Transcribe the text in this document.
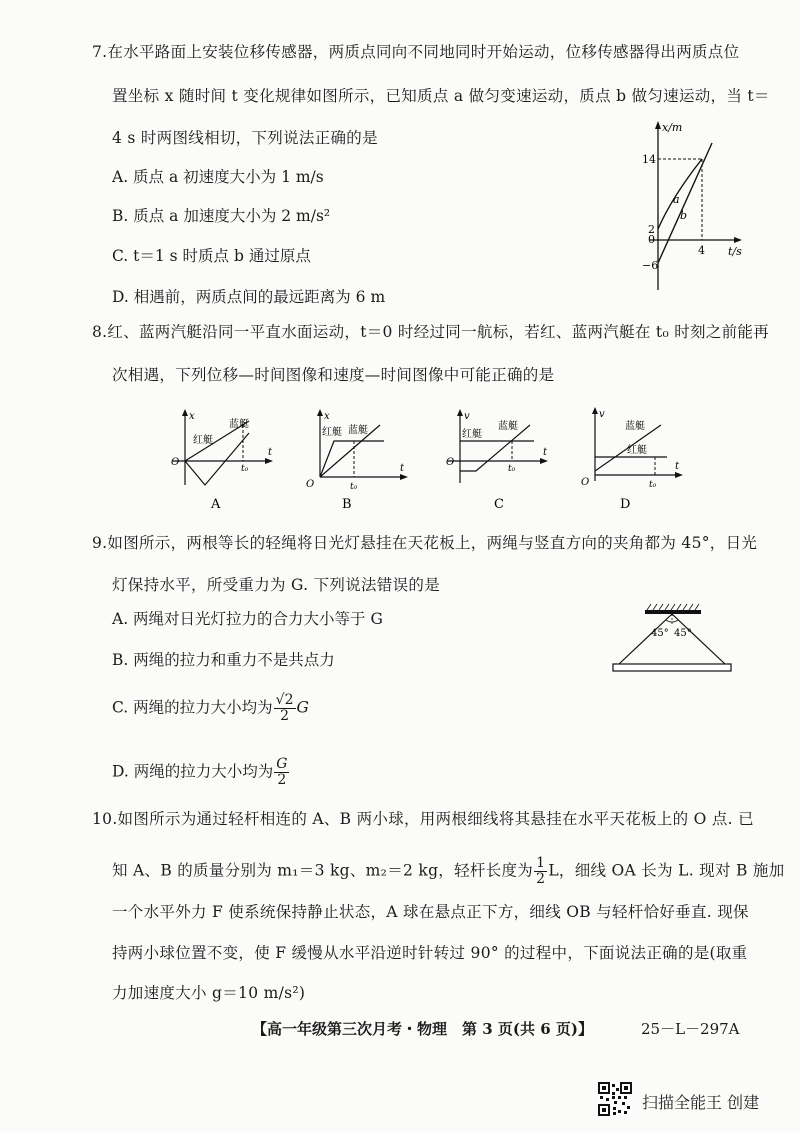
7.在水平路面上安装位移传感器，两质点同向不同地同时开始运动，位移传感器得出两质点位
置坐标 x 随时间 t 变化规律如图所示，已知质点 a 做匀变速运动，质点 b 做匀速运动，当 t＝
4 s 时两图线相切，下列说法正确的是
A. 质点 a 初速度大小为 1 m/s
B. 质点 a 加速度大小为 2 m/s²
C. t＝1 s 时质点 b 通过原点
D. 相遇前，两质点间的最远距离为 6 m
x/m
t/s
14
2
0
−6
4
a
b
8.红、蓝两汽艇沿同一平直水面运动，t＝0 时经过同一航标，若红、蓝两汽艇在 t₀ 时刻之前能再
次相遇，下列位移—时间图像和速度—时间图像中可能正确的是
x
t
O
蓝艇
红艇
t₀
A
x
t
O
蓝艇
红艇
t₀
B
v
t
O
蓝艇
红艇
t₀
C
v
t
O
蓝艇
红艇
t₀
D
9.如图所示，两根等长的轻绳将日光灯悬挂在天花板上，两绳与竖直方向的夹角都为 45°，日光
灯保持水平，所受重力为 G. 下列说法错误的是
A. 两绳对日光灯拉力的合力大小等于 G
B. 两绳的拉力和重力不是共点力
C. 两绳的拉力大小均为 $\frac{√2}{2}$ G
D. 两绳的拉力大小均为 $\frac{G}{2}$
45° 45°
10.如图所示为通过轻杆相连的 A、B 两小球，用两根细线将其悬挂在水平天花板上的 O 点. 已
知 A、B 的质量分别为 m₁＝3 kg、m₂＝2 kg，轻杆长度为 $\frac{1}{2}$ L，细线 OA 长为 L. 现对 B 施加
一个水平外力 F 使系统保持静止状态，A 球在悬点正下方，细线 OB 与轻杆恰好垂直. 现保
持两小球位置不变，使 F 缓慢从水平沿逆时针转过 90° 的过程中，下面说法正确的是(取重
力加速度大小 g＝10 m/s²)
【高一年级第三次月考・物理　第 3 页(共 6 页)】	25－L－297A
扫描全能王 创建
